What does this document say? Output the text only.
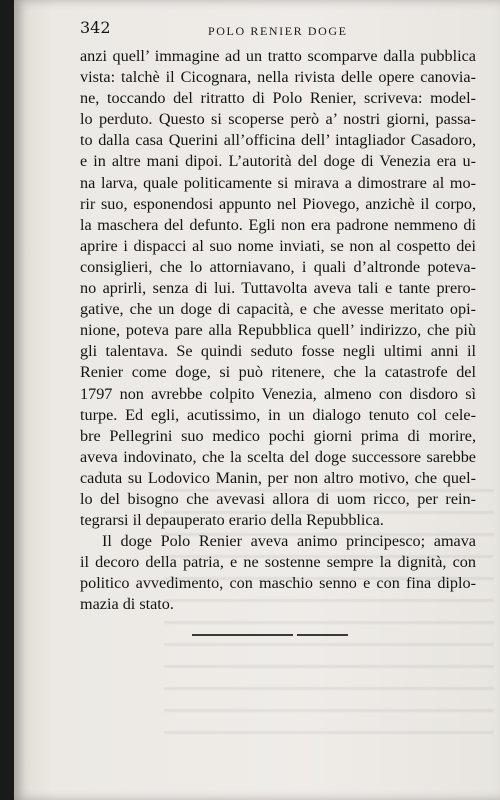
342	POLO RENIER DOGE
anzi quell’ immagine ad un tratto scomparve dalla pubblica
vista: talchè il Cicognara, nella rivista delle opere canovia-
ne, toccando del ritratto di Polo Renier, scriveva: model-
lo perduto. Questo si scoperse però a’ nostri giorni, passa-
to dalla casa Querini all’officina dell’ intagliador Casadoro,
e in altre mani dipoi. L’autorità del doge di Venezia era u-
na larva, quale politicamente si mirava a dimostrare al mo-
rir suo, esponendosi appunto nel Piovego, anzichè il corpo,
la maschera del defunto. Egli non era padrone nemmeno di
aprire i dispacci al suo nome inviati, se non al cospetto dei
consiglieri, che lo attorniavano, i quali d’altronde poteva-
no aprirli, senza di lui. Tuttavolta aveva tali e tante prero-
gative, che un doge di capacità, e che avesse meritato opi-
nione, poteva pare alla Repubblica quell’ indirizzo, che più
gli talentava. Se quindi seduto fosse negli ultimi anni il
Renier come doge, si può ritenere, che la catastrofe del
1797 non avrebbe colpito Venezia, almeno con disdoro sì
turpe. Ed egli, acutissimo, in un dialogo tenuto col cele-
bre Pellegrini suo medico pochi giorni prima di morire,
aveva indovinato, che la scelta del doge successore sarebbe
caduta su Lodovico Manin, per non altro motivo, che quel-
lo del bisogno che avevasi allora di uom ricco, per rein-
tegrarsi il depauperato erario della Repubblica.
Il doge Polo Renier aveva animo principesco; amava
il decoro della patria, e ne sostenne sempre la dignità, con
politico avvedimento, con maschio senno e con fina diplo-
mazia di stato.
